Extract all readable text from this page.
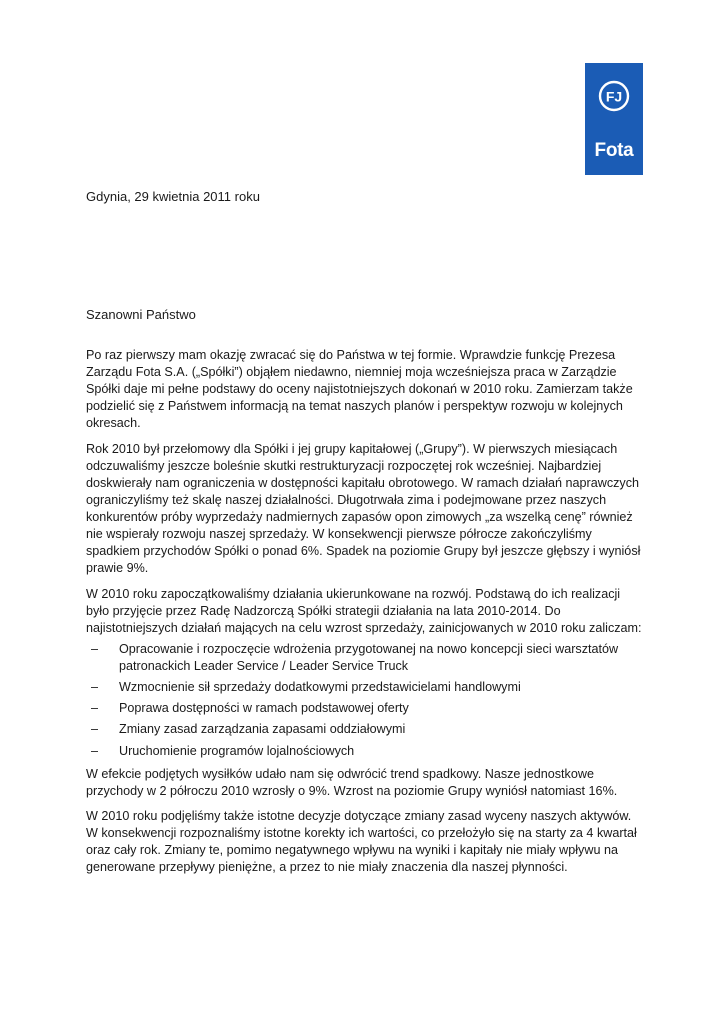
FJ
Fota
Gdynia, 29 kwietnia 2011 roku
Szanowni Państwo

Po raz pierwszy mam okazję zwracać się do Państwa w tej formie. Wprawdzie funkcję Prezesa Zarządu Fota S.A. („Spółki”) objąłem niedawno, niemniej moja wcześniejsza praca w Zarządzie Spółki daje mi pełne podstawy do oceny najistotniejszych dokonań w 2010 roku. Zamierzam także podzielić się z Państwem informacją na temat naszych planów i perspektyw rozwoju w kolejnych okresach.

Rok 2010 był przełomowy dla Spółki i jej grupy kapitałowej („Grupy”). W pierwszych miesiącach odczuwaliśmy jeszcze boleśnie skutki restrukturyzacji rozpoczętej rok wcześniej. Najbardziej doskwierały nam ograniczenia w dostępności kapitału obrotowego. W ramach działań naprawczych ograniczyliśmy też skalę naszej działalności. Długotrwała zima i podejmowane przez naszych konkurentów próby wyprzedaży nadmiernych zapasów opon zimowych „za wszelką cenę” również nie wspierały rozwoju naszej sprzedaży. W konsekwencji pierwsze półrocze zakończyliśmy spadkiem przychodów Spółki o ponad 6%. Spadek na poziomie Grupy był jeszcze głębszy i wyniósł prawie 9%.

W 2010 roku zapoczątkowaliśmy działania ukierunkowane na rozwój. Podstawą do ich realizacji było przyjęcie przez Radę Nadzorczą Spółki strategii działania na lata 2010-2014. Do najistotniejszych działań mających na celu wzrost sprzedaży, zainicjowanych w 2010 roku zaliczam:

– Opracowanie i rozpoczęcie wdrożenia przygotowanej na nowo koncepcji sieci warsztatów patronackich Leader Service / Leader Service Truck
– Wzmocnienie sił sprzedaży dodatkowymi przedstawicielami handlowymi
– Poprawa dostępności w ramach podstawowej oferty
– Zmiany zasad zarządzania zapasami oddziałowymi
– Uruchomienie programów lojalnościowych

W efekcie podjętych wysiłków udało nam się odwrócić trend spadkowy. Nasze jednostkowe przychody w 2 półroczu 2010 wzrosły o 9%. Wzrost na poziomie Grupy wyniósł natomiast 16%.

W 2010 roku podjęliśmy także istotne decyzje dotyczące zmiany zasad wyceny naszych aktywów. W konsekwencji rozpoznaliśmy istotne korekty ich wartości, co przełożyło się na starty za 4 kwartał oraz cały rok. Zmiany te, pomimo negatywnego wpływu na wyniki i kapitały nie miały wpływu na generowane przepływy pieniężne, a przez to nie miały znaczenia dla naszej płynności.
